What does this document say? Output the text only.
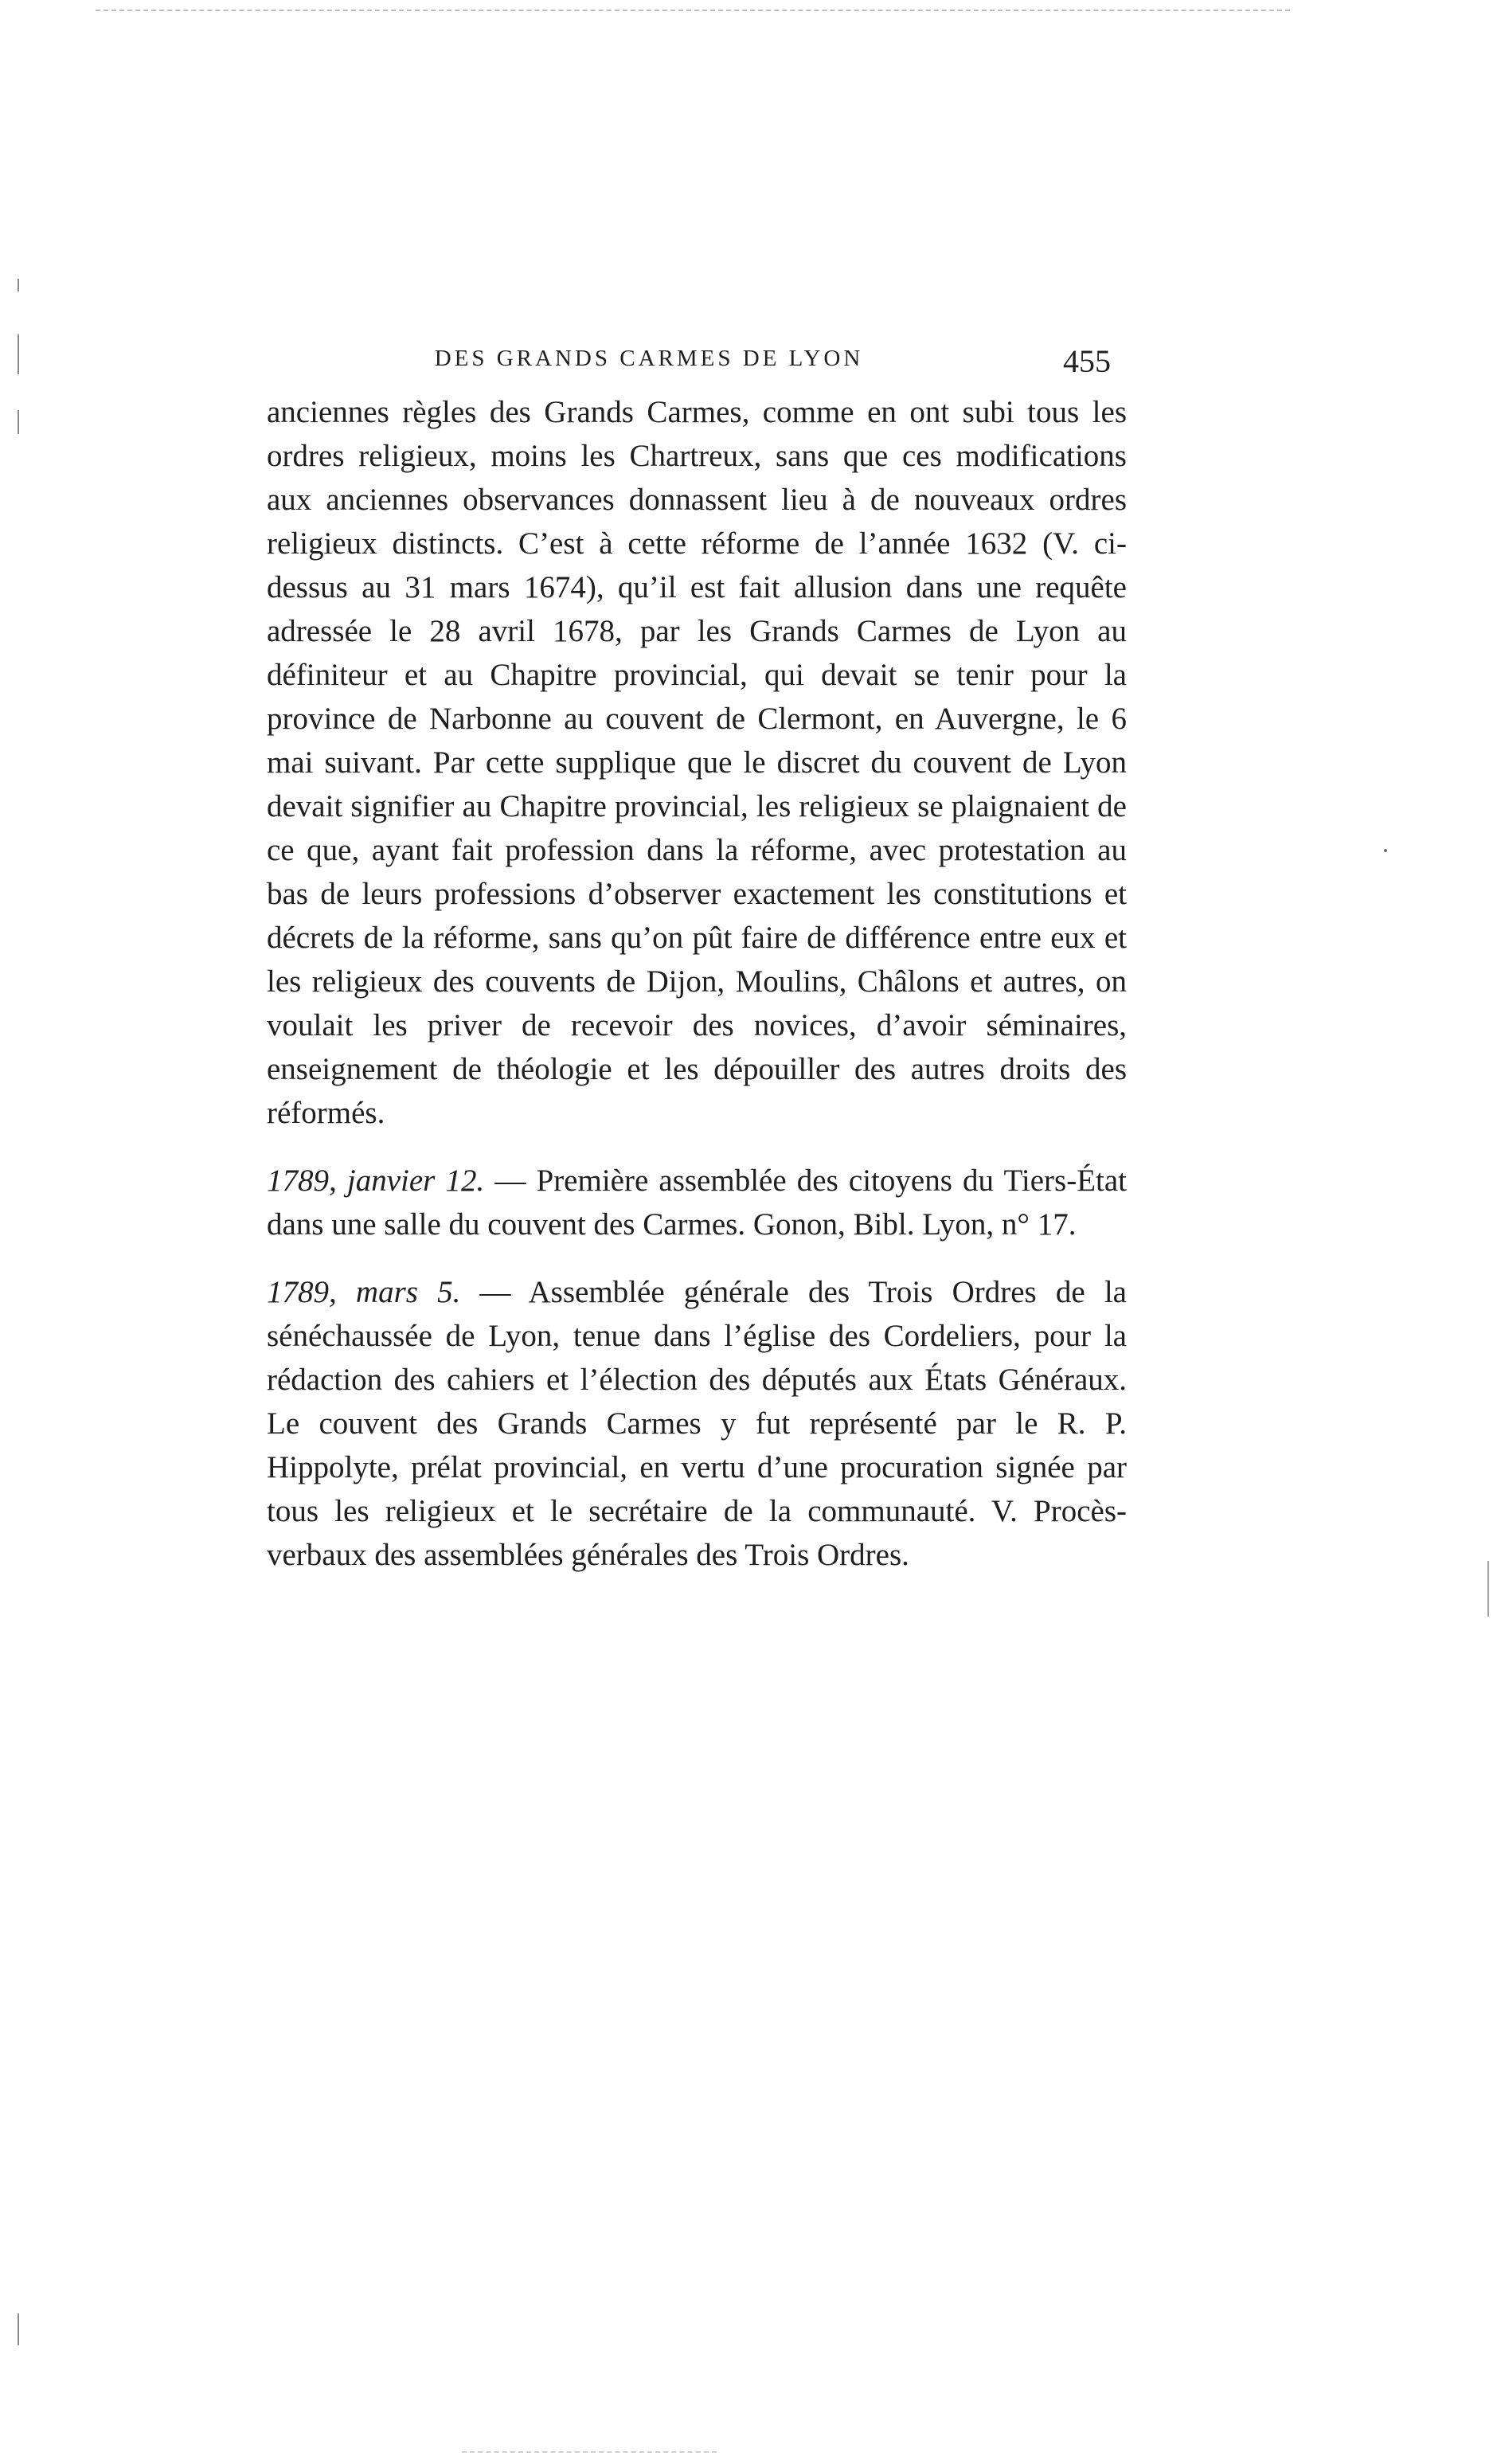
DES GRANDS CARMES DE LYON	455

anciennes règles des Grands Carmes, comme en ont subi tous les ordres religieux, moins les Chartreux, sans que ces modifications aux anciennes observances donnassent lieu à de nouveaux ordres religieux distincts. C’est à cette réforme de l’année 1632 (V. ci-dessus au 31 mars 1674), qu’il est fait allusion dans une requête adressée le 28 avril 1678, par les Grands Carmes de Lyon au définiteur et au Chapitre provincial, qui devait se tenir pour la province de Narbonne au couvent de Clermont, en Auvergne, le 6 mai suivant. Par cette supplique que le discret du couvent de Lyon devait signifier au Chapitre provincial, les religieux se plaignaient de ce que, ayant fait profession dans la réforme, avec protestation au bas de leurs professions d’observer exactement les constitutions et décrets de la réforme, sans qu’on pût faire de différence entre eux et les religieux des couvents de Dijon, Moulins, Châlons et autres, on voulait les priver de recevoir des novices, d’avoir séminaires, enseignement de théologie et les dépouiller des autres droits des réformés.

1789, janvier 12. — Première assemblée des citoyens du Tiers-État dans une salle du couvent des Carmes. Gonon, Bibl. Lyon, n° 17.

1789, mars 5. — Assemblée générale des Trois Ordres de la sénéchaussée de Lyon, tenue dans l’église des Cordeliers, pour la rédaction des cahiers et l’élection des députés aux États Généraux. Le couvent des Grands Carmes y fut représenté par le R. P. Hippolyte, prélat provincial, en vertu d’une procuration signée par tous les religieux et le secrétaire de la communauté. V. Procès-verbaux des assemblées générales des Trois Ordres.
